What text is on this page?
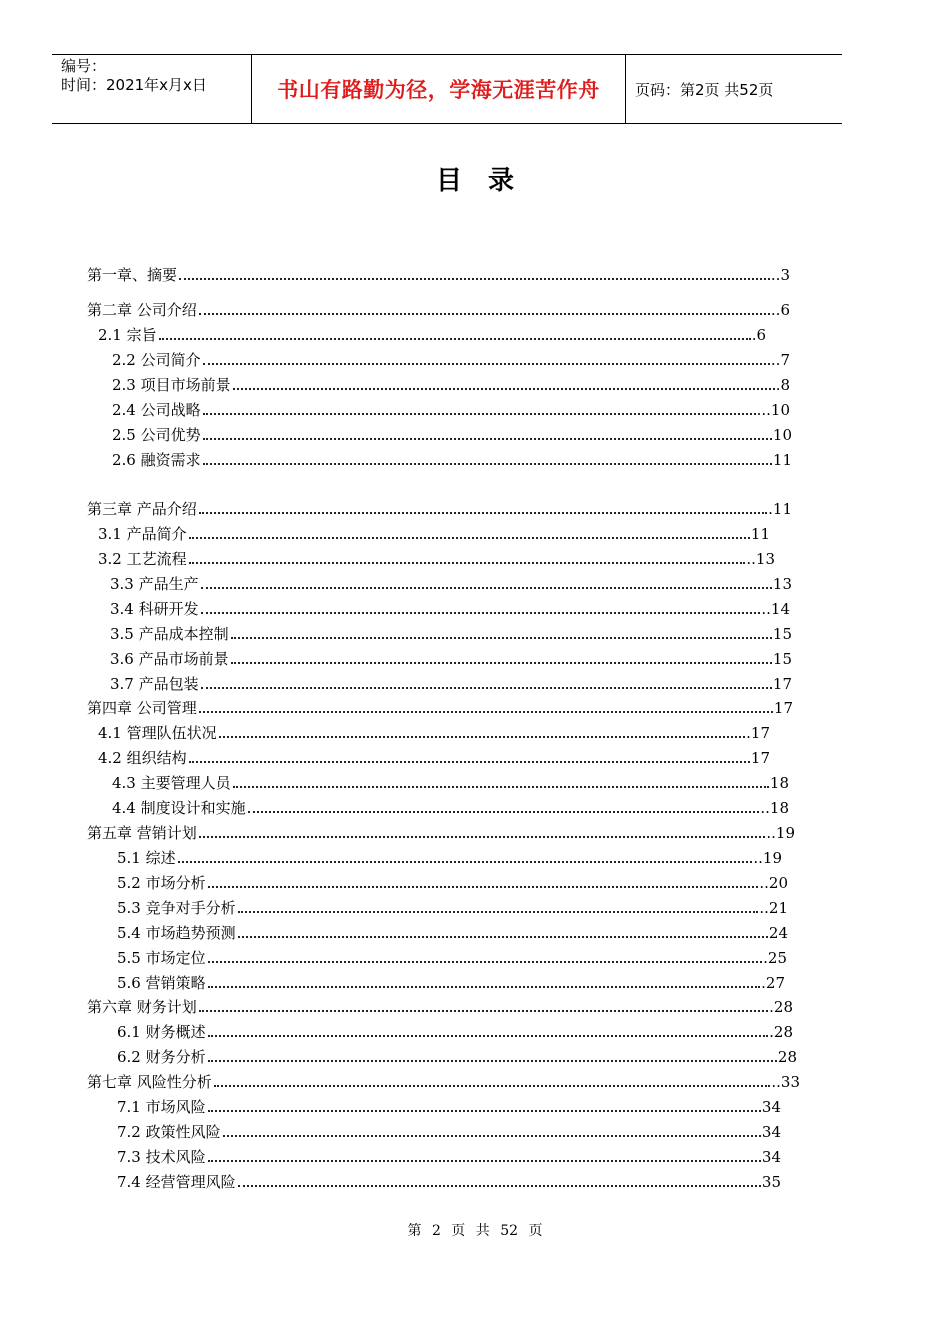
编号：
时间：2021年x月x日	书山有路勤为径，学海无涯苦作舟	页码：第2页 共52页
目录
第一章、摘要	..3
第二章 公司介绍	..6
2.1 宗旨	.6
2.2 公司简介	..7
2.3 项目市场前景	.8
2.4 公司战略	...10
2.5 公司优势	10
2.6 融资需求	11
第三章 产品介绍	.11
3.1 产品简介	11
3.2 工艺流程	..13
3.3 产品生产	13
3.4 科研开发	..14
3.5 产品成本控制	15
3.6 产品市场前景	15
3.7 产品包装	17
第四章 公司管理	17
4.1 管理队伍状况	.17
4.2 组织结构	17
4.3 主要管理人员	18
4.4 制度设计和实施	..18
第五章 营销计划	..19
5.1 综述	..19
5.2 市场分析	..20
5.3 竞争对手分析	..21
5.4 市场趋势预测	24
5.5 市场定位	.25
5.6 营销策略	.27
第六章 财务计划	.28
6.1 财务概述	.28
6.2 财务分析	28
第七章 风险性分析	..33
7.1 市场风险	34
7.2 政策性风险	34
7.3 技术风险	34
7.4 经营管理风险	35
第 2 页 共 52 页
